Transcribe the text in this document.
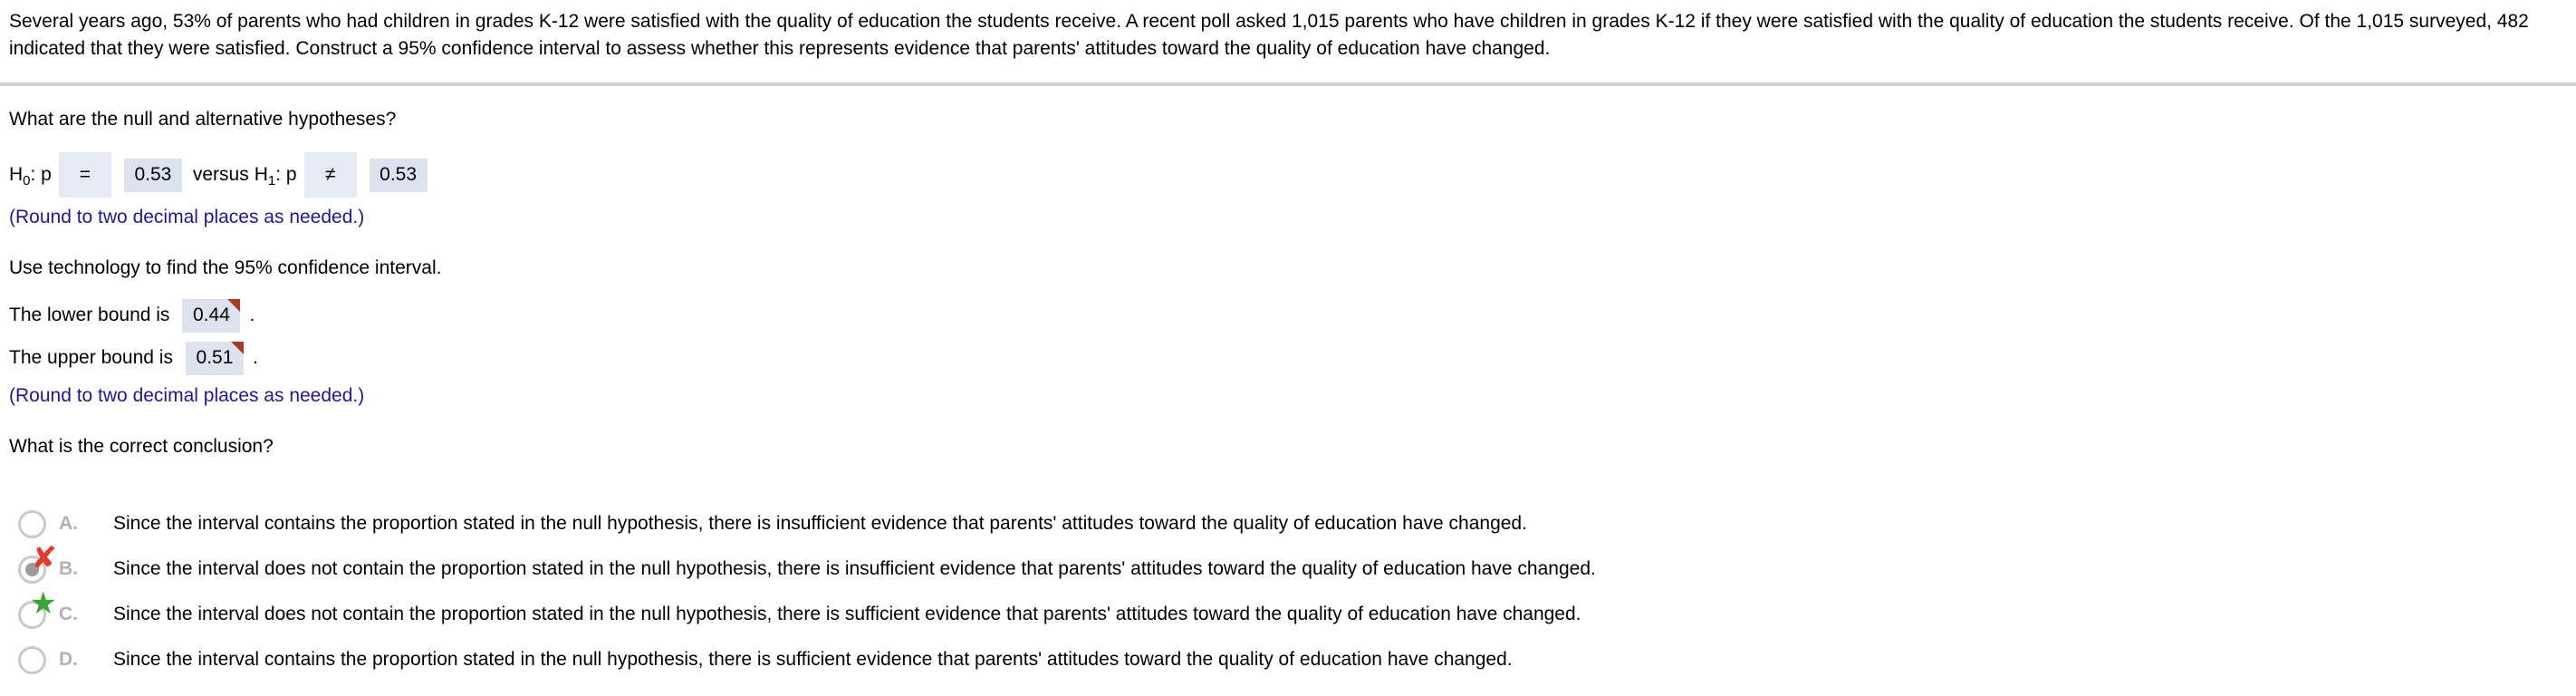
Several years ago, 53% of parents who had children in grades K-12 were satisfied with the quality of education the students receive. A recent poll asked 1,015 parents who have children in grades K-12 if they were satisfied with the quality of education the students receive. Of the 1,015 surveyed, 482 indicated that they were satisfied. Construct a 95% confidence interval to assess whether this represents evidence that parents' attitudes toward the quality of education have changed.
What are the null and alternative hypotheses?
$H_0$: p	=	0.53	versus $H_1$: p	≠	0.53
(Round to two decimal places as needed.)
Use technology to find the 95% confidence interval.
The lower bound is 0.44 .
The upper bound is 0.51 .
(Round to two decimal places as needed.)
What is the correct conclusion?
A.	Since the interval contains the proportion stated in the null hypothesis, there is insufficient evidence that parents' attitudes toward the quality of education have changed.
✘ B.	Since the interval does not contain the proportion stated in the null hypothesis, there is insufficient evidence that parents' attitudes toward the quality of education have changed.
★ C.	Since the interval does not contain the proportion stated in the null hypothesis, there is sufficient evidence that parents' attitudes toward the quality of education have changed.
D.	Since the interval contains the proportion stated in the null hypothesis, there is sufficient evidence that parents' attitudes toward the quality of education have changed.
